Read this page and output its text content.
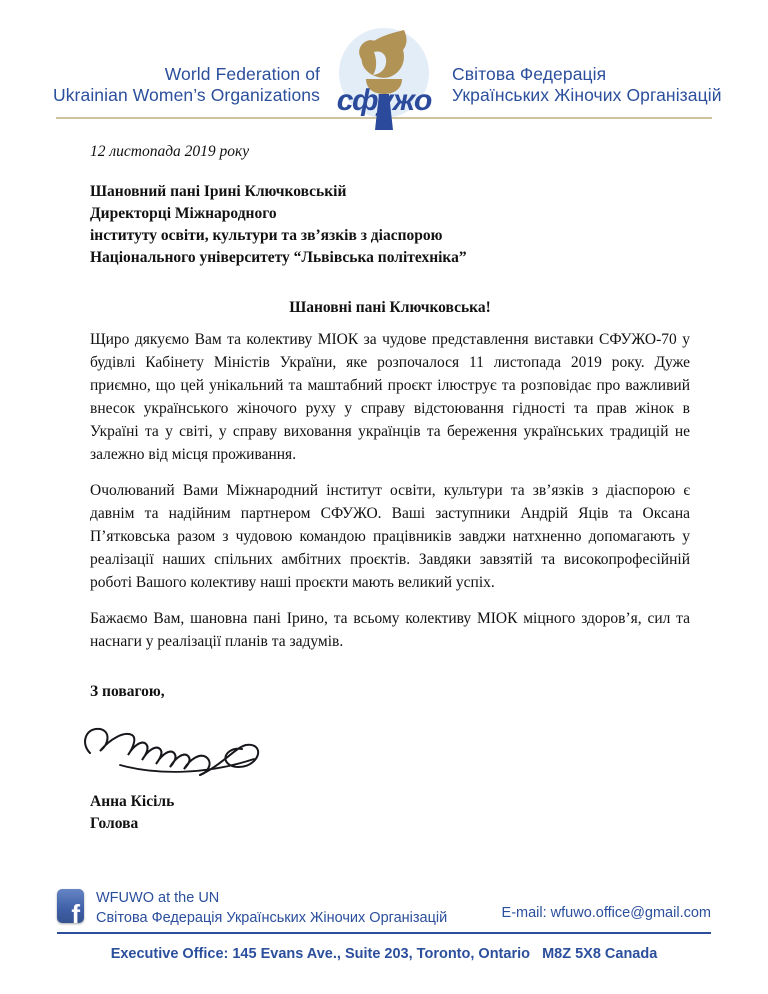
World Federation of
Ukrainian Women’s Organizations сфужо
Світова Федерація
Українських Жіночих Організацій
12 листопада 2019 року
Шановний пані Ірині Ключковській
Директорці Міжнародного
інституту освіти, культури та зв’язків з діаспорою
Національного університету “Львівська політехніка”
Шановні пані Ключковська!

Щиро дякуємо Вам та колективу МІОК за чудове представлення виставки СФУЖО-70 у будівлі Кабінету Міністів України, яке розпочалося 11 листопада 2019 року. Дуже приємно, що цей унікальний та маштабний проєкт ілюструє та розповідає про важливий внесок українського жіночого руху у справу відстоювання гідності та прав жінок в Україні та у світі, у справу виховання українців та береження українських традицій не залежно від місця проживання.

Очолюваний Вами Міжнародний інститут освіти, культури та зв’язків з діаспорою є давнім та надійним партнером СФУЖО. Ваші заступники Андрій Яців та Оксана П’ятковська разом з чудовою командою працівників завджи натхненно допомагають у реалізації наших спільних амбітних проєктів. Завдяки завзятій та високопрофесійній роботі Вашого колективу наші проєкти мають великий успіх.

Бажаємо Вам, шановна пані Ірино, та всьому колективу МІОК міцного здоров’я, сил та наснаги у реалізації планів та задумів.

З повагою,
Анна Кісіль
Голова
f
WFUWO at the UN
Світова Федерація Українських Жіночих Організацій	E-mail: wfuwo.office@gmail.com
Executive Office: 145 Evans Ave., Suite 203, Toronto, Ontario   M8Z 5X8 Canada
